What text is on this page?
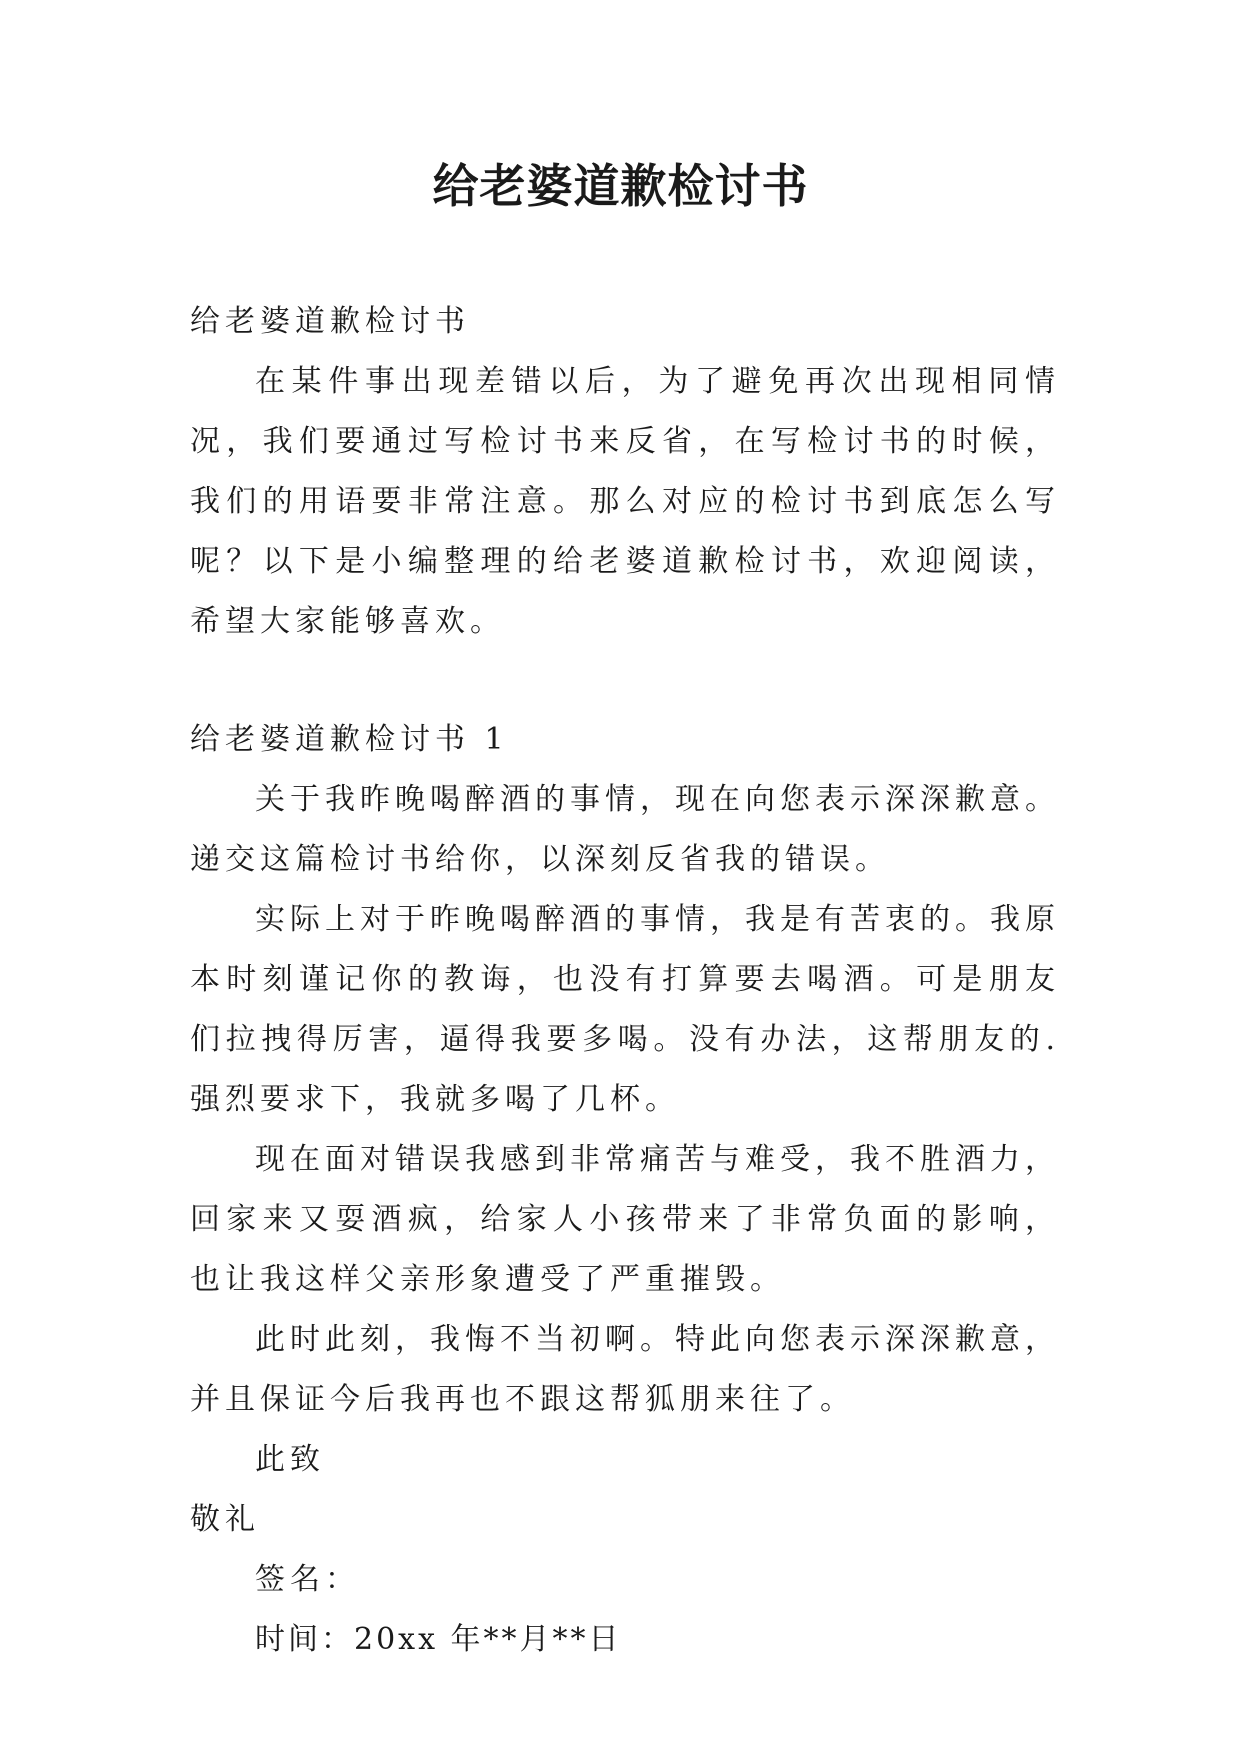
给老婆道歉检讨书

给老婆道歉检讨书

在某件事出现差错以后，为了避免再次出现相同情况，我们要通过写检讨书来反省，在写检讨书的时候，我们的用语要非常注意。那么对应的检讨书到底怎么写呢？以下是小编整理的给老婆道歉检讨书，欢迎阅读，希望大家能够喜欢。

给老婆道歉检讨书 1

关于我昨晚喝醉酒的事情，现在向您表示深深歉意。递交这篇检讨书给你，以深刻反省我的错误。

实际上对于昨晚喝醉酒的事情，我是有苦衷的。我原本时刻谨记你的教诲，也没有打算要去喝酒。可是朋友们拉拽得厉害，逼得我要多喝。没有办法，这帮朋友的.强烈要求下，我就多喝了几杯。

现在面对错误我感到非常痛苦与难受，我不胜酒力，回家来又耍酒疯，给家人小孩带来了非常负面的影响，也让我这样父亲形象遭受了严重摧毁。

此时此刻，我悔不当初啊。特此向您表示深深歉意，并且保证今后我再也不跟这帮狐朋来往了。

此致

敬礼

签名：

时间：20xx 年**月**日
